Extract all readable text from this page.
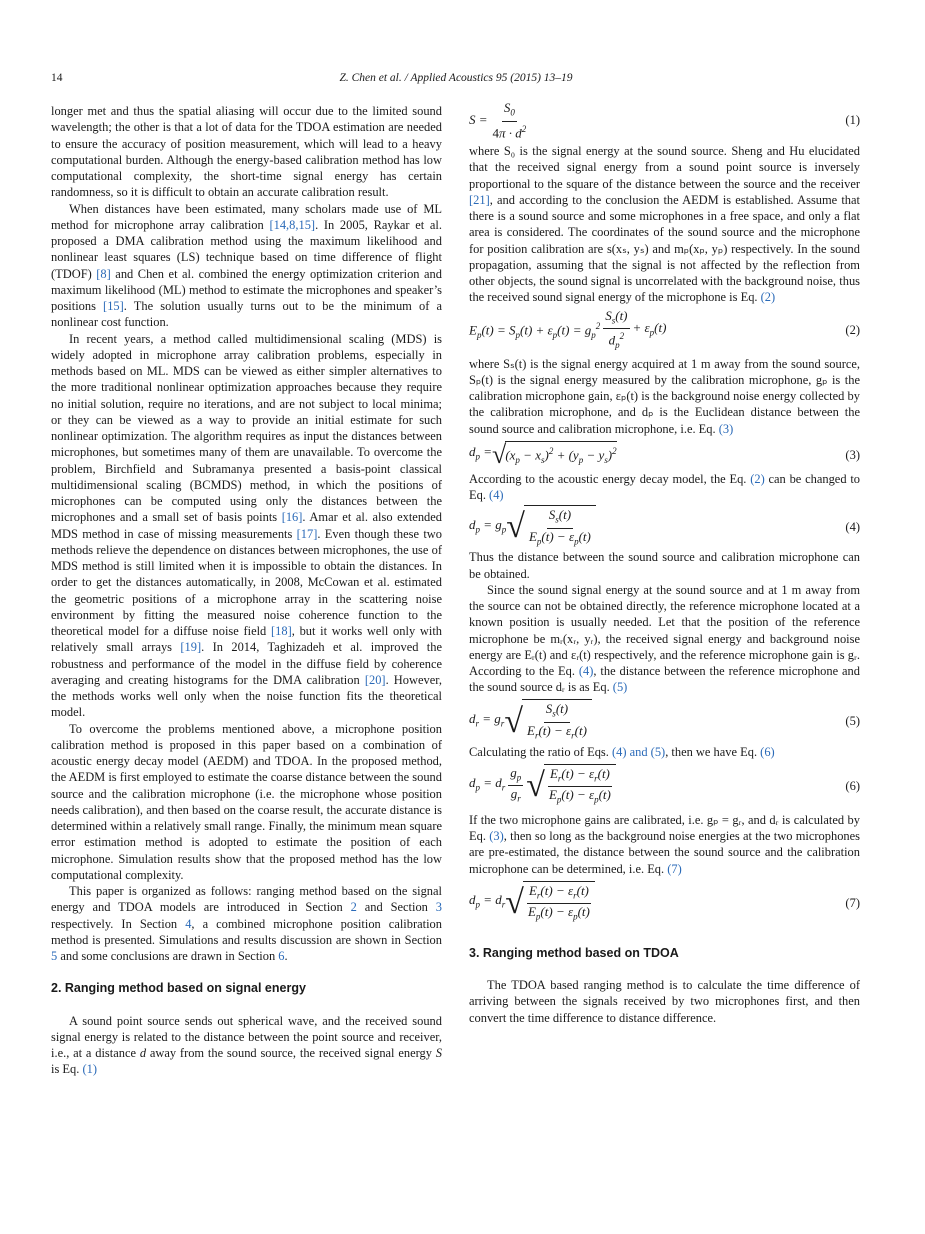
14	Z. Chen et al. / Applied Acoustics 95 (2015) 13–19

longer met and thus the spatial aliasing will occur due to the limited sound wavelength; the other is that a lot of data for the TDOA estimation are needed to ensure the accuracy of position measurement, which will lead to a heavy computational burden. Although the energy-based calibration method has low computational complexity, the short-time signal energy has certain randomness, so it is difficult to obtain an accurate calibration result.

When distances have been estimated, many scholars made use of ML method for microphone array calibration [14,8,15]. In 2005, Raykar et al. proposed a DMA calibration method using the maximum likelihood and nonlinear least squares (LS) technique based on time difference of flight (TDOF) [8] and Chen et al. combined the energy optimization criterion and maximum likelihood (ML) method to estimate the microphones and speaker’s positions [15]. The solution usually turns out to be the minimum of a nonlinear cost function.

In recent years, a method called multidimensional scaling (MDS) is widely adopted in microphone array calibration problems, especially in methods based on ML. MDS can be viewed as either simpler alternatives to the more traditional nonlinear optimization approaches because they require no initial solution, require no iterations, and are not subject to local minima; or they can be viewed as a way to provide an initial estimate for such nonlinear optimization. The algorithm requires as input the distances between microphones, but sometimes many of them are unavailable. To overcome the problem, Birchfield and Subramanya presented a basis-point classical multidimensional scaling (BCMDS) method, in which the positions of microphones can be computed using only the distances between the microphones and a small set of basis points [16]. Amar et al. also extended MDS method in case of missing measurements [17]. Even though these two methods relieve the dependence on distances between microphones, the use of MDS method is still limited when it is impossible to obtain the distances. In order to get the distances automatically, in 2008, McCowan et al. estimated the geometric positions of a microphone array in the scattering noise environment by fitting the measured noise coherence function to the theoretical model for a diffuse noise field [18], but it works well only with relatively small arrays [19]. In 2014, Taghizadeh et al. improved the robustness and performance of the model in the diffuse field by coherence averaging and creating histograms for the DMA calibration [20]. However, the methods works well only when the noise function fits the theoretical model.

To overcome the problems mentioned above, a microphone position calibration method is proposed in this paper based on a combination of acoustic energy decay model (AEDM) and TDOA. In the proposed method, the AEDM is first employed to estimate the coarse distance between the sound source and the calibration microphone (i.e. the microphone whose position needs calibration), and then based on the coarse result, the accurate distance is determined within a relatively small range. Finally, the minimum mean square error estimation method is adopted to estimate the position of each microphone. Simulation results show that the proposed method has the low computational complexity.

This paper is organized as follows: ranging method based on the signal energy and TDOA models are introduced in Section 2 and Section 3 respectively. In Section 4, a combined microphone position calibration method is presented. Simulations and results discussion are shown in Section 5 and some conclusions are drawn in Section 6.

2. Ranging method based on signal energy

A sound point source sends out spherical wave, and the received sound signal energy is related to the distance between the point source and receiver, i.e., at a distance d away from the sound source, the received signal energy S is Eq. (1)

$S = \frac{S_0}{4\pi \cdot d^2}$	(1)

where S₀ is the signal energy at the sound source. Sheng and Hu elucidated that the received signal energy from a sound point source is inversely proportional to the square of the distance between the source and the receiver [21], and according to the conclusion the AEDM is established. Assume that there is a sound source and some microphones in a free space, and only a flat area is considered. The coordinates of the sound source and the microphone for position calibration are s(xₛ, yₛ) and mₚ(xₚ, yₚ) respectively. In the sound propagation, assuming that the signal is not affected by the reflection from other objects, the sound signal is uncorrelated with the background noise, thus the received sound signal energy of the microphone is Eq. (2)

$E_p(t) = S_p(t) + \varepsilon_p(t) = g_p^2 \frac{S_s(t)}{d_p^2} + \varepsilon_p(t)$	(2)

where Sₛ(t) is the signal energy acquired at 1 m away from the sound source, Sₚ(t) is the signal energy measured by the calibration microphone, gₚ is the calibration microphone gain, εₚ(t) is the background noise energy collected by the calibration microphone, and dₚ is the Euclidean distance between the sound source and calibration microphone, i.e. Eq. (3)

$d_p$ = √ $(x_p - x_s)^2 + (y_p - y_s)^2$	(3)

According to the acoustic energy decay model, the Eq. (2) can be changed to Eq. (4)

$d_p = g_p$ √ $\frac{S_s(t)}{E_p(t) - \varepsilon_p(t)}$	(4)

Thus the distance between the sound source and calibration microphone can be obtained.

Since the sound signal energy at the sound source and at 1 m away from the source can not be obtained directly, the reference microphone located at a known position is usually needed. Let that the position of the reference microphone be mᵣ(xᵣ, yᵣ), the received signal energy and background noise energy are Eᵣ(t) and εᵣ(t) respectively, and the reference microphone gain is gᵣ. According to the Eq. (4), the distance between the reference microphone and the sound source dᵣ is as Eq. (5)

$d_r = g_r$ √ $\frac{S_s(t)}{E_r(t) - \varepsilon_r(t)}$	(5)

Calculating the ratio of Eqs. (4) and (5), then we have Eq. (6)

$d_p = d_r \frac{g_p}{g_r}$ √ $\frac{E_r(t) - \varepsilon_r(t)}{E_p(t) - \varepsilon_p(t)}$	(6)

If the two microphone gains are calibrated, i.e. gₚ = gᵣ, and dᵣ is calculated by Eq. (3), then so long as the background noise energies at the two microphones are pre-estimated, the distance between the sound source and the calibration microphone can be determined, i.e. Eq. (7)

$d_p = d_r$ √ $\frac{E_r(t) - \varepsilon_r(t)}{E_p(t) - \varepsilon_p(t)}$	(7)
3. Ranging method based on TDOA

The TDOA based ranging method is to calculate the time difference of arriving between the signals received by two microphones first, and then convert the time difference to distance difference.
